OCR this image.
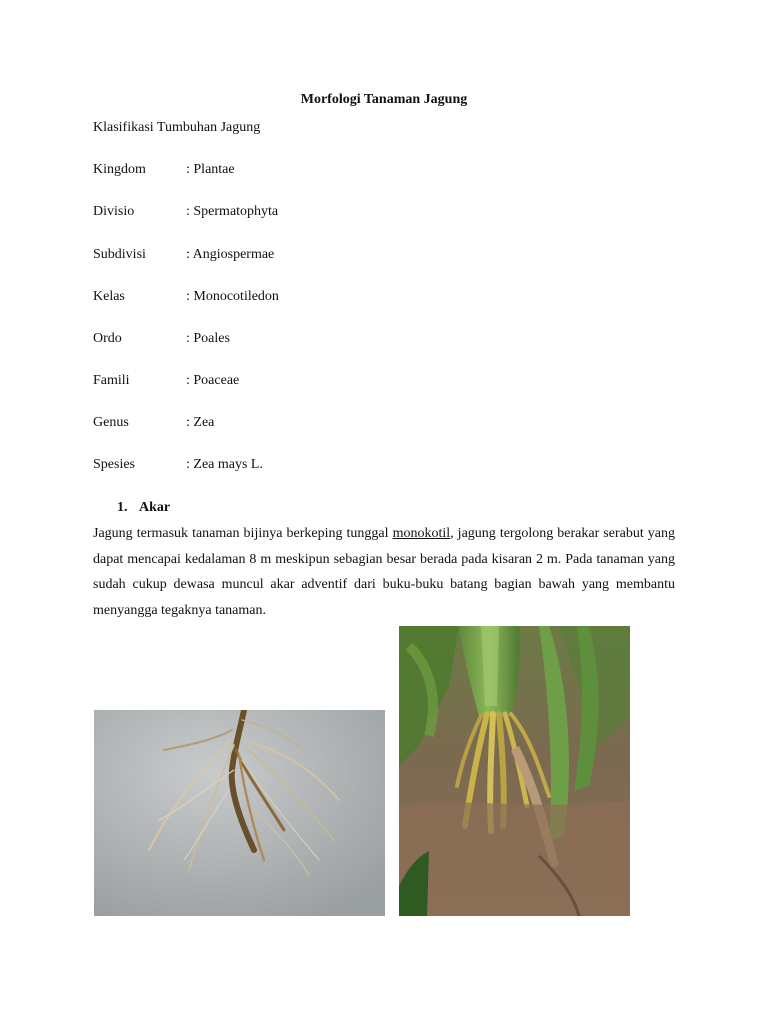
Morfologi Tanaman Jagung
Klasifikasi Tumbuhan Jagung
Kingdom	: Plantae
Divisio	: Spermatophyta
Subdivisi	: Angiospermae
Kelas	: Monocotiledon
Ordo	: Poales
Famili	: Poaceae
Genus	: Zea
Spesies	: Zea mays L.
1. Akar
Jagung termasuk tanaman bijinya berkeping tunggal monokotil, jagung tergolong berakar serabut yang dapat mencapai kedalaman 8 m meskipun sebagian besar berada pada kisaran 2 m. Pada tanaman yang sudah cukup dewasa muncul akar adventif dari buku-buku batang bagian bawah yang membantu menyangga tegaknya tanaman.
